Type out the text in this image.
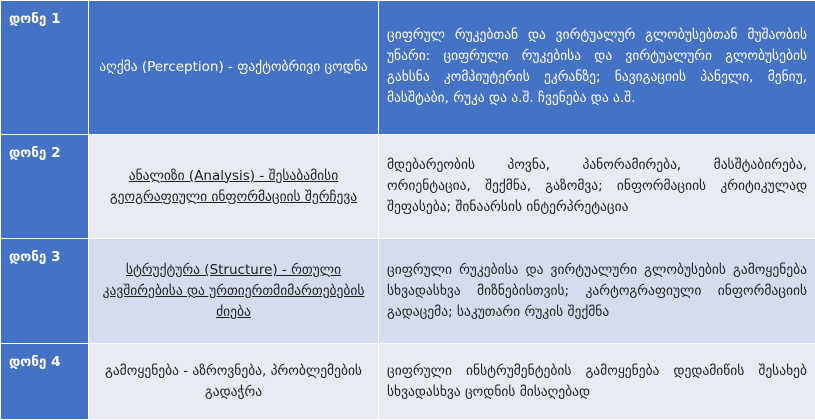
დონე 1	აღქმა (Perception) - ფაქტობრივი ცოდნა	ციფრულ რუკებთან და ვირტუალურ გლობუსებთან მუშაობის უნარი: ციფრული რუკებისა და ვირტუალური გლობუსების გახსნა კომპიუტერის ეკრანზე; ნავიგაციის პანელი, მენიუ, მასშტაბი, რუკა და ა.შ. ჩვენება და ა.შ.
დონე 2	ანალიზი (Analysis) - შესაბამისი გეოგრაფიული ინფორმაციის შერჩევა	მდებარეობის პოვნა, პანორამირება, მასშტაბირება, ორიენტაცია, შექმნა, გაზომვა; ინფორმაციის კრიტიკულად შეფასება; შინაარსის ინტერპრეტაცია
დონე 3	სტრუქტურა (Structure) - რთული კავშირებისა და ურთიერთმიმართებების ძიება	ციფრული რუკებისა და ვირტუალური გლობუსების გამოყენება სხვადასხვა მიზნებისთვის; კარტოგრაფიული ინფორმაციის გადაცემა; საკუთარი რუკის შექმნა
დონე 4	გამოყენება - აზროვნება, პრობლემების გადაჭრა	ციფრული ინსტრუმენტების გამოყენება დედამიწის შესახებ სხვადასხვა ცოდნის მისაღებად
